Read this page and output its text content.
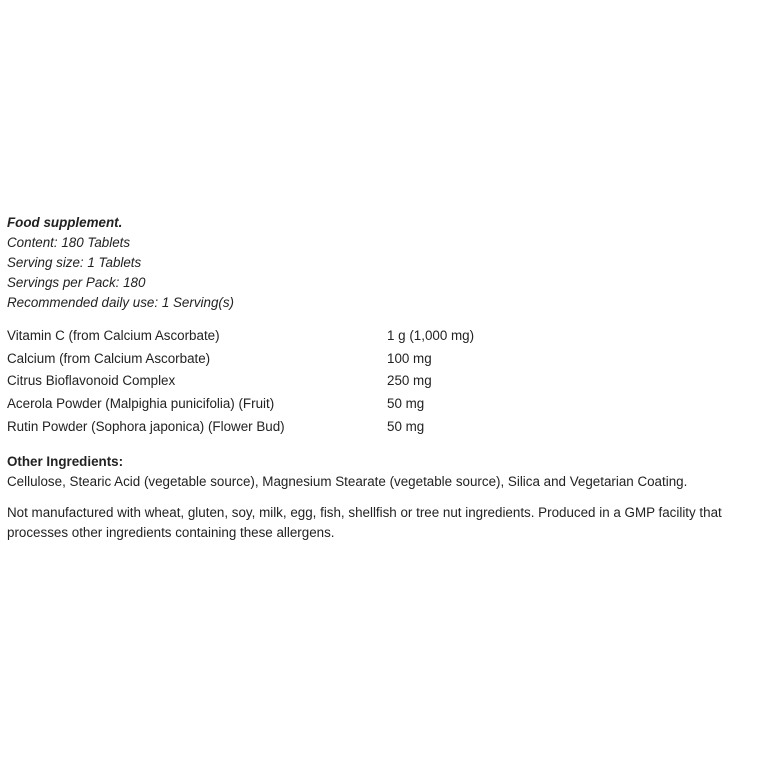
Food supplement.
Content: 180 Tablets
Serving size: 1 Tablets
Servings per Pack: 180
Recommended daily use: 1 Serving(s)
Vitamin C (from Calcium Ascorbate)	1 g (1,000 mg)
Calcium (from Calcium Ascorbate)	100 mg
Citrus Bioflavonoid Complex	250 mg
Acerola Powder (Malpighia punicifolia) (Fruit)	50 mg
Rutin Powder (Sophora japonica) (Flower Bud)	50 mg
Other Ingredients:
Cellulose, Stearic Acid (vegetable source), Magnesium Stearate (vegetable source), Silica and Vegetarian Coating.
Not manufactured with wheat, gluten, soy, milk, egg, fish, shellfish or tree nut ingredients. Produced in a GMP facility that processes other ingredients containing these allergens.
